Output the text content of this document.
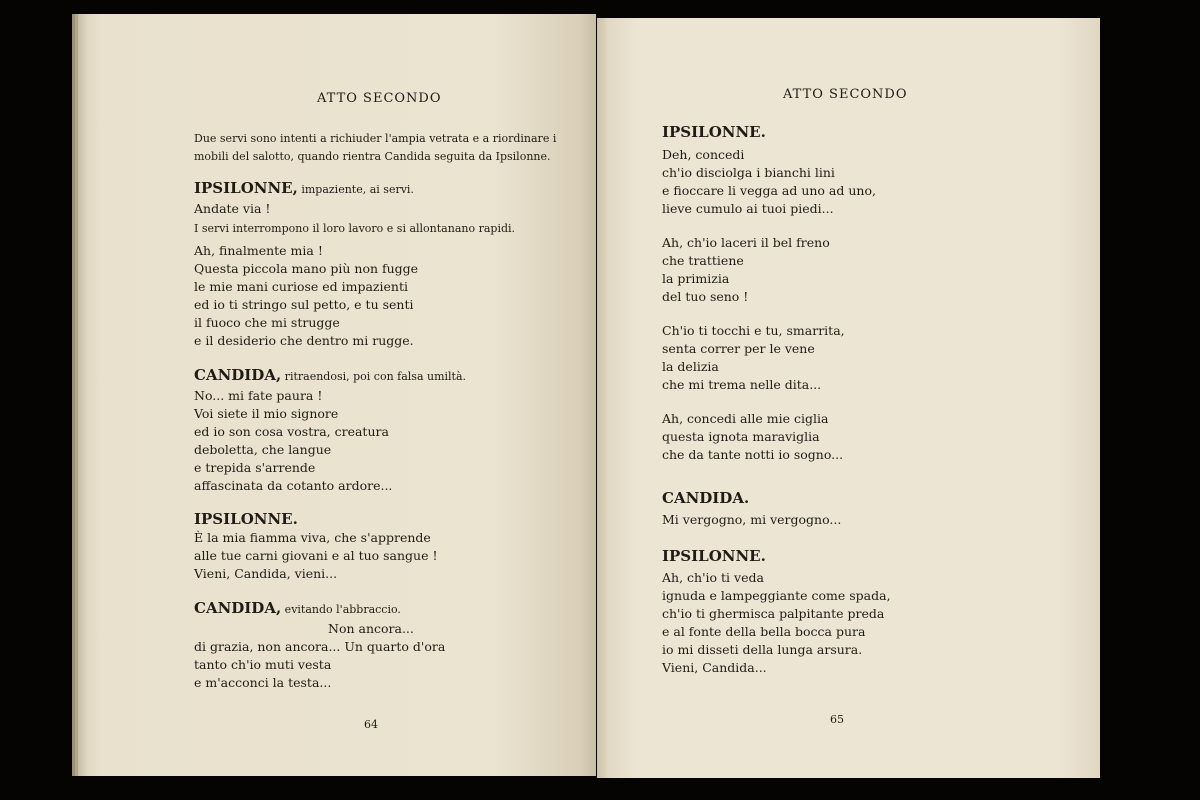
ATTO SECONDO

Due servi sono intenti a richiuder l'ampia vetrata e a riordinare i mobili del salotto, quando rientra Candida seguita da Ipsilonne.

IPSILONNE, impaziente, ai servi.
Andate via !

I servi interrompono il loro lavoro e si allontanano rapidi.

Ah, finalmente mia !
Questa piccola mano più non fugge
le mie mani curiose ed impazienti
ed io ti stringo sul petto, e tu senti
il fuoco che mi strugge
e il desiderio che dentro mi rugge.
CANDIDA, ritraendosi, poi con falsa umiltà.
No... mi fate paura !
Voi siete il mio signore
ed io son cosa vostra, creatura
deboletta, che langue
e trepida s'arrende
affascinata da cotanto ardore...
IPSILONNE.
È la mia fiamma viva, che s'apprende
alle tue carni giovani e al tuo sangue !
Vieni, Candida, vieni...
CANDIDA, evitando l'abbraccio.
Non ancora...
di grazia, non ancora... Un quarto d'ora
tanto ch'io muti vesta
e m'acconci la testa...
64
ATTO SECONDO
IPSILONNE.
Deh, concedi
ch'io disciolga i bianchi lini
e fioccare li vegga ad uno ad uno,
lieve cumulo ai tuoi piedi...
Ah, ch'io laceri il bel freno
che trattiene
la primizia
del tuo seno !
Ch'io ti tocchi e tu, smarrita,
senta correr per le vene
la delizia
che mi trema nelle dita...
Ah, concedi alle mie ciglia
questa ignota maraviglia
che da tante notti io sogno...
CANDIDA.
Mi vergogno, mi vergogno...
IPSILONNE.
Ah, ch'io ti veda
ignuda e lampeggiante come spada,
ch'io ti ghermisca palpitante preda
e al fonte della bella bocca pura
io mi disseti della lunga arsura.
Vieni, Candida...
65
